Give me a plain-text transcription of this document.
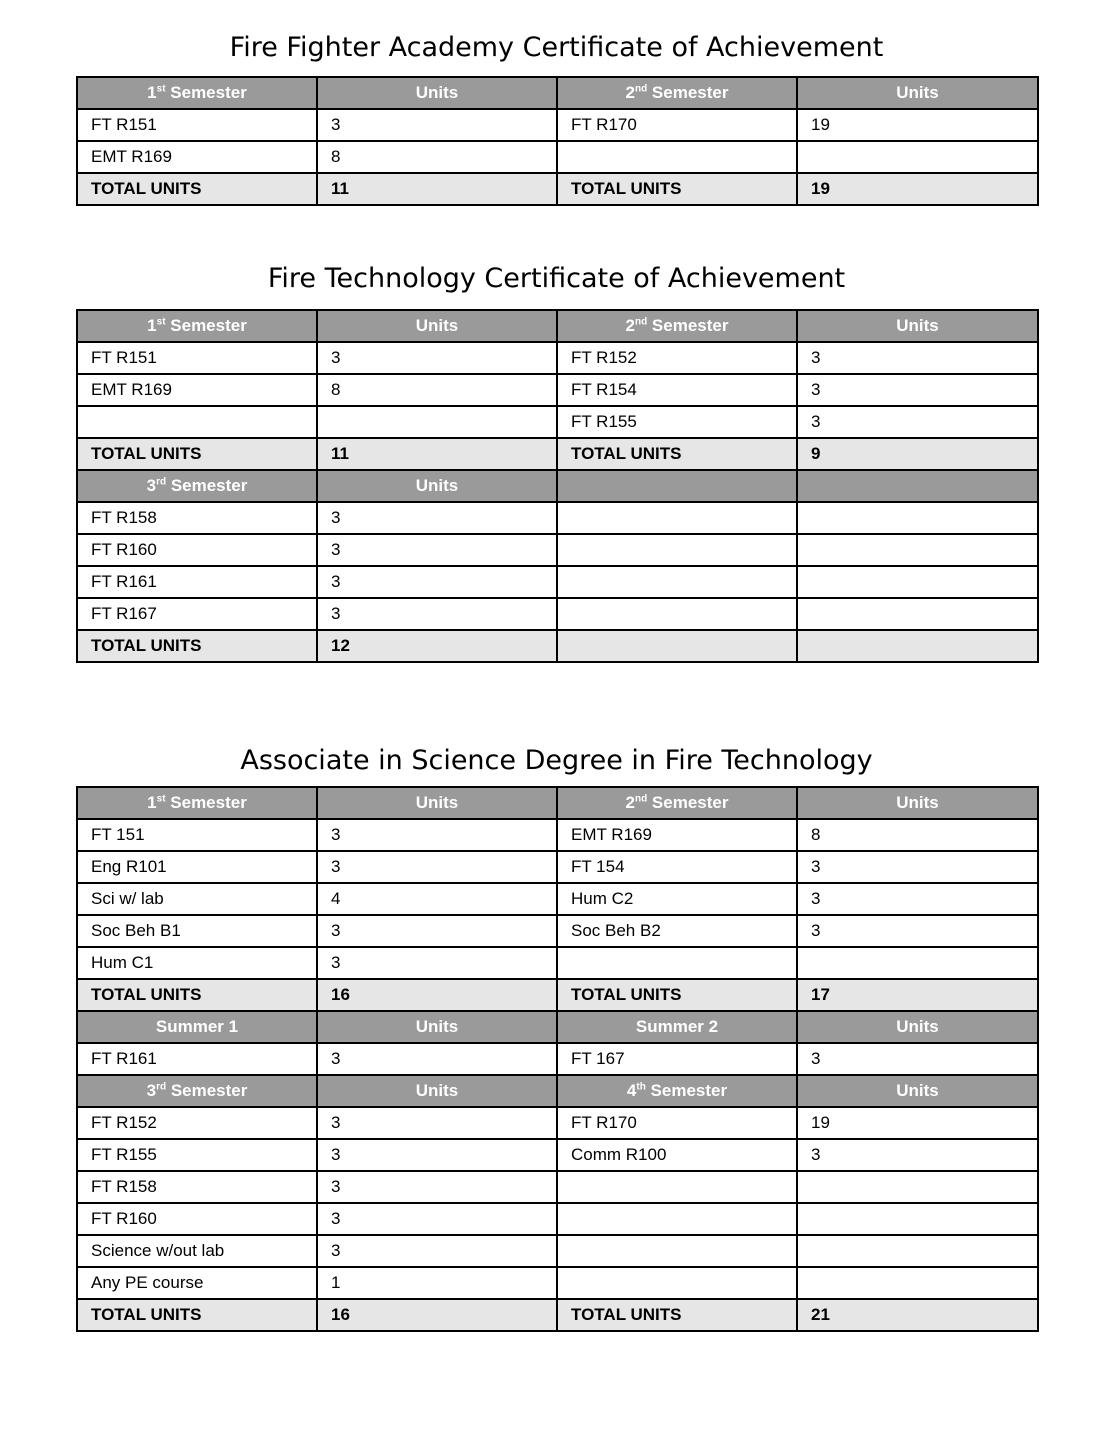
Fire Fighter Academy Certificate of Achievement
1st Semester	Units	2nd Semester	Units
FT R151	3	FT R170	19
EMT R169	8		
TOTAL UNITS	11	TOTAL UNITS	19
Fire Technology Certificate of Achievement
1st Semester	Units	2nd Semester	Units
FT R151	3	FT R152	3
EMT R169	8	FT R154	3
		FT R155	3
TOTAL UNITS	11	TOTAL UNITS	9
3rd Semester	Units		
FT R158	3		
FT R160	3		
FT R161	3		
FT R167	3		
TOTAL UNITS	12		
Associate in Science Degree in Fire Technology
1st Semester	Units	2nd Semester	Units
FT 151	3	EMT R169	8
Eng R101	3	FT 154	3
Sci w/ lab	4	Hum C2	3
Soc Beh B1	3	Soc Beh B2	3
Hum C1	3		
TOTAL UNITS	16	TOTAL UNITS	17
Summer 1	Units	Summer 2	Units
FT R161	3	FT 167	3
3rd Semester	Units	4th Semester	Units
FT R152	3	FT R170	19
FT R155	3	Comm R100	3
FT R158	3		
FT R160	3		
Science w/out lab	3		
Any PE course	1		
TOTAL UNITS	16	TOTAL UNITS	21
